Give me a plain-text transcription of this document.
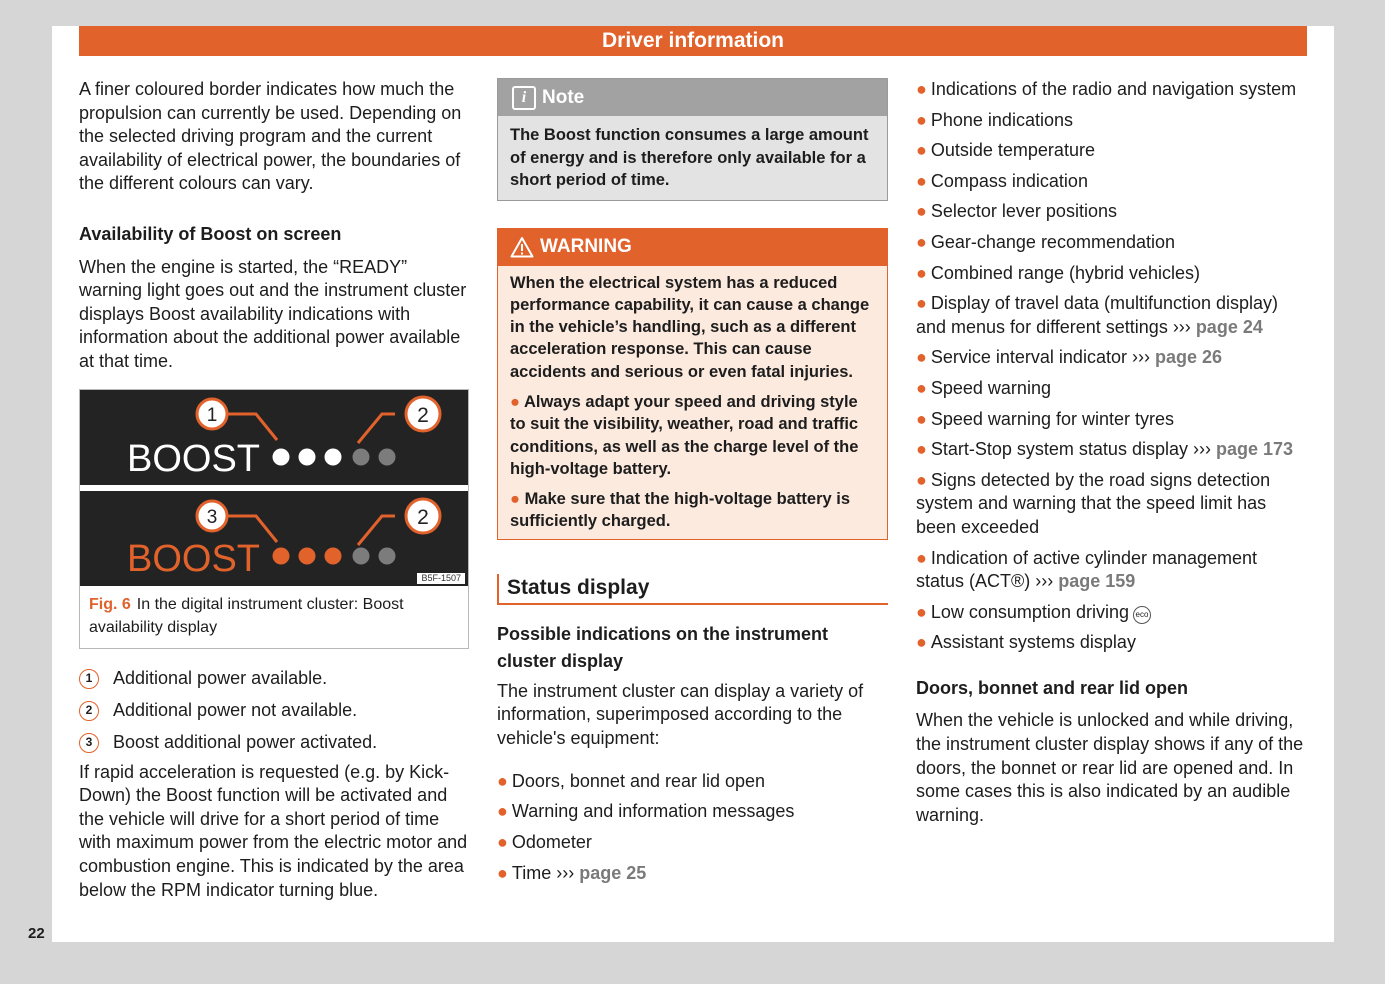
Driver information

A finer coloured border indicates how much the propulsion can currently be used. Depending on the selected driving program and the current availability of electrical power, the boundaries of the different colours can vary.

Availability of Boost on screen

When the engine is started, the “READY” warning light goes out and the instrument cluster displays Boost availability indications with information about the additional power available at that time.

1	2
BOOST
3	2
BOOST	B5F-1507
Fig. 6 In the digital instrument cluster: Boost availability display
1	Additional power available.
2	Additional power not available.
3	Boost additional power activated.

If rapid acceleration is requested (e.g. by Kick-Down) the Boost function will be activated and the vehicle will drive for a short period of time with maximum power from the electric motor and combustion engine. This is indicated by the area below the RPM indicator turning blue.

i Note
The Boost function consumes a large amount of energy and is therefore only available for a short period of time.
WARNING

When the electrical system has a reduced performance capability, it can cause a change in the vehicle’s handling, such as a different acceleration response. This can cause accidents and serious or even fatal injuries.

● Always adapt your speed and driving style to suit the visibility, weather, road and traffic conditions, as well as the charge level of the high-voltage battery.

● Make sure that the high-voltage battery is sufficiently charged.

Status display

Possible indications on the instrument cluster display

The instrument cluster can display a variety of information, superimposed according to the vehicle's equipment:

● Doors, bonnet and rear lid open
● Warning and information messages
● Odometer
● Time ››› page 25
● Indications of the radio and navigation system
● Phone indications
● Outside temperature
● Compass indication
● Selector lever positions
● Gear-change recommendation
● Combined range (hybrid vehicles)
● Display of travel data (multifunction display) and menus for different settings ››› page 24
● Service interval indicator ››› page 26
● Speed warning
● Speed warning for winter tyres
● Start-Stop system status display ››› page 173
● Signs detected by the road signs detection system and warning that the speed limit has been exceeded
● Indication of active cylinder management status (ACT®) ››› page 159
● Low consumption driving eco
● Assistant systems display

Doors, bonnet and rear lid open

When the vehicle is unlocked and while driving, the instrument cluster display shows if any of the doors, the bonnet or rear lid are opened and. In some cases this is also indicated by an audible warning.

22
